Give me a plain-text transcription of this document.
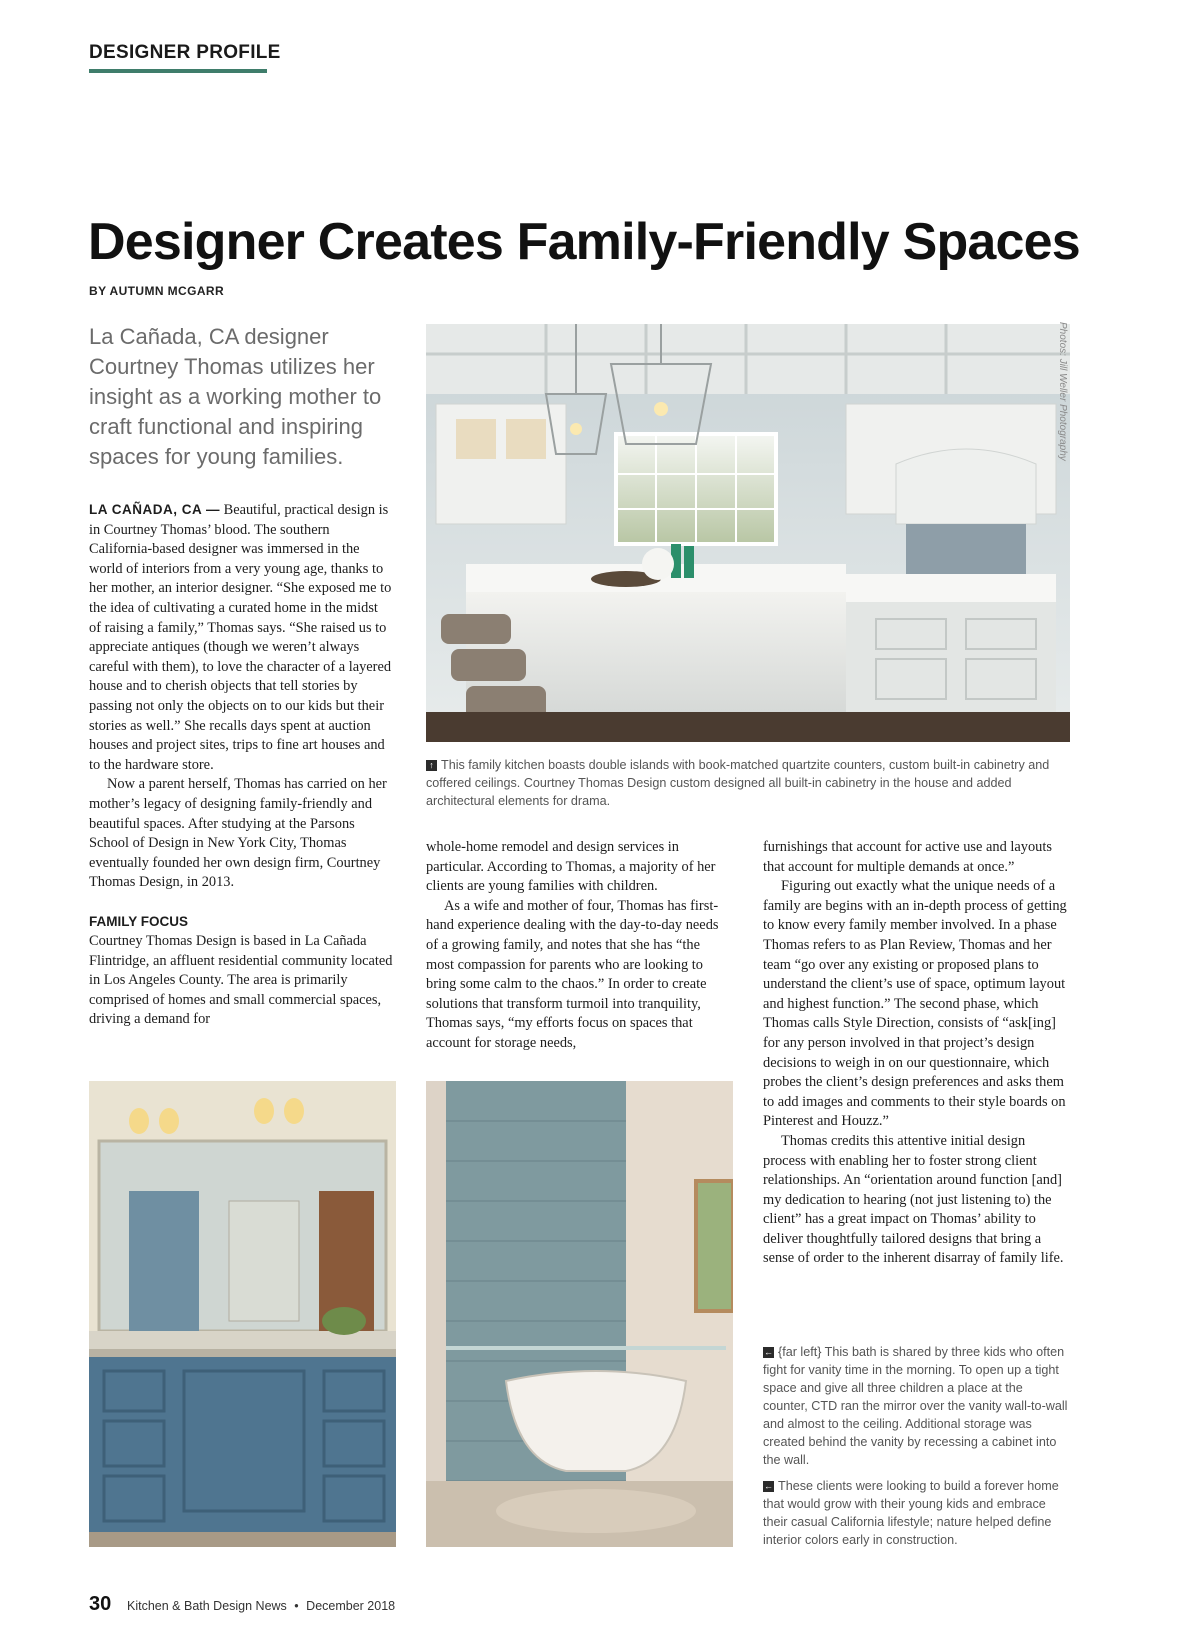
DESIGNER PROFILE
Designer Creates Family-Friendly Spaces
BY AUTUMN MCGARR
La Cañada, CA designer Courtney Thomas utilizes her insight as a working mother to craft functional and inspiring spaces for young families.	Photos: Jill Weller Photography
↑ This family kitchen boasts double islands with book-matched quartzite counters, custom built-in cabinetry and coffered ceilings. Courtney Thomas Design custom designed all built-in cabinetry in the house and added architectural elements for drama.

LA CAÑADA, CA — Beautiful, practical design is in Courtney Thomas’ blood. The southern California-based designer was immersed in the world of interiors from a very young age, thanks to her mother, an interior designer. “She exposed me to the idea of cultivating a curated home in the midst of raising a family,” Thomas says. “She raised us to appreciate antiques (though we weren’t always careful with them), to love the character of a layered house and to cherish objects that tell stories by passing not only the objects on to our kids but their stories as well.” She recalls days spent at auction houses and project sites, trips to fine art houses and to the hardware store.

Now a parent herself, Thomas has carried on her mother’s legacy of designing family-friendly and beautiful spaces. After studying at the Parsons School of Design in New York City, Thomas eventually founded her own design firm, Courtney Thomas Design, in 2013.

FAMILY FOCUS

Courtney Thomas Design is based in La Cañada Flintridge, an affluent residential community located in Los Angeles County. The area is primarily comprised of homes and small commercial spaces, driving a demand for

whole-home remodel and design services in particular. According to Thomas, a majority of her clients are young families with children.

As a wife and mother of four, Thomas has first-hand experience dealing with the day-to-day needs of a growing family, and notes that she has “the most compassion for parents who are looking to bring some calm to the chaos.” In order to create solutions that transform turmoil into tranquility, Thomas says, “my efforts focus on spaces that account for storage needs,

furnishings that account for active use and layouts that account for multiple demands at once.”

Figuring out exactly what the unique needs of a family are begins with an in-depth process of getting to know every family member involved. In a phase Thomas refers to as Plan Review, Thomas and her team “go over any existing or proposed plans to understand the client’s use of space, optimum layout and highest function.” The second phase, which Thomas calls Style Direction, consists of “ask[ing] for any person involved in that project’s design decisions to weigh in on our questionnaire, which probes the client’s design preferences and asks them to add images and comments to their style boards on Pinterest and Houzz.”

Thomas credits this attentive initial design process with enabling her to foster strong client relationships. An “orientation around function [and] my dedication to hearing (not just listening to) the client” has a great impact on Thomas’ ability to deliver thoughtfully tailored designs that bring a sense of order to the inherent disarray of family life.

← {far left} This bath is shared by three kids who often fight for vanity time in the morning. To open up a tight space and give all three children a place at the counter, CTD ran the mirror over the vanity wall-to-wall and almost to the ceiling. Additional storage was created behind the vanity by recessing a cabinet into the wall.
← These clients were looking to build a forever home that would grow with their young kids and embrace their casual California lifestyle; nature helped define interior colors early in construction.
30 Kitchen & Bath Design News • December 2018
